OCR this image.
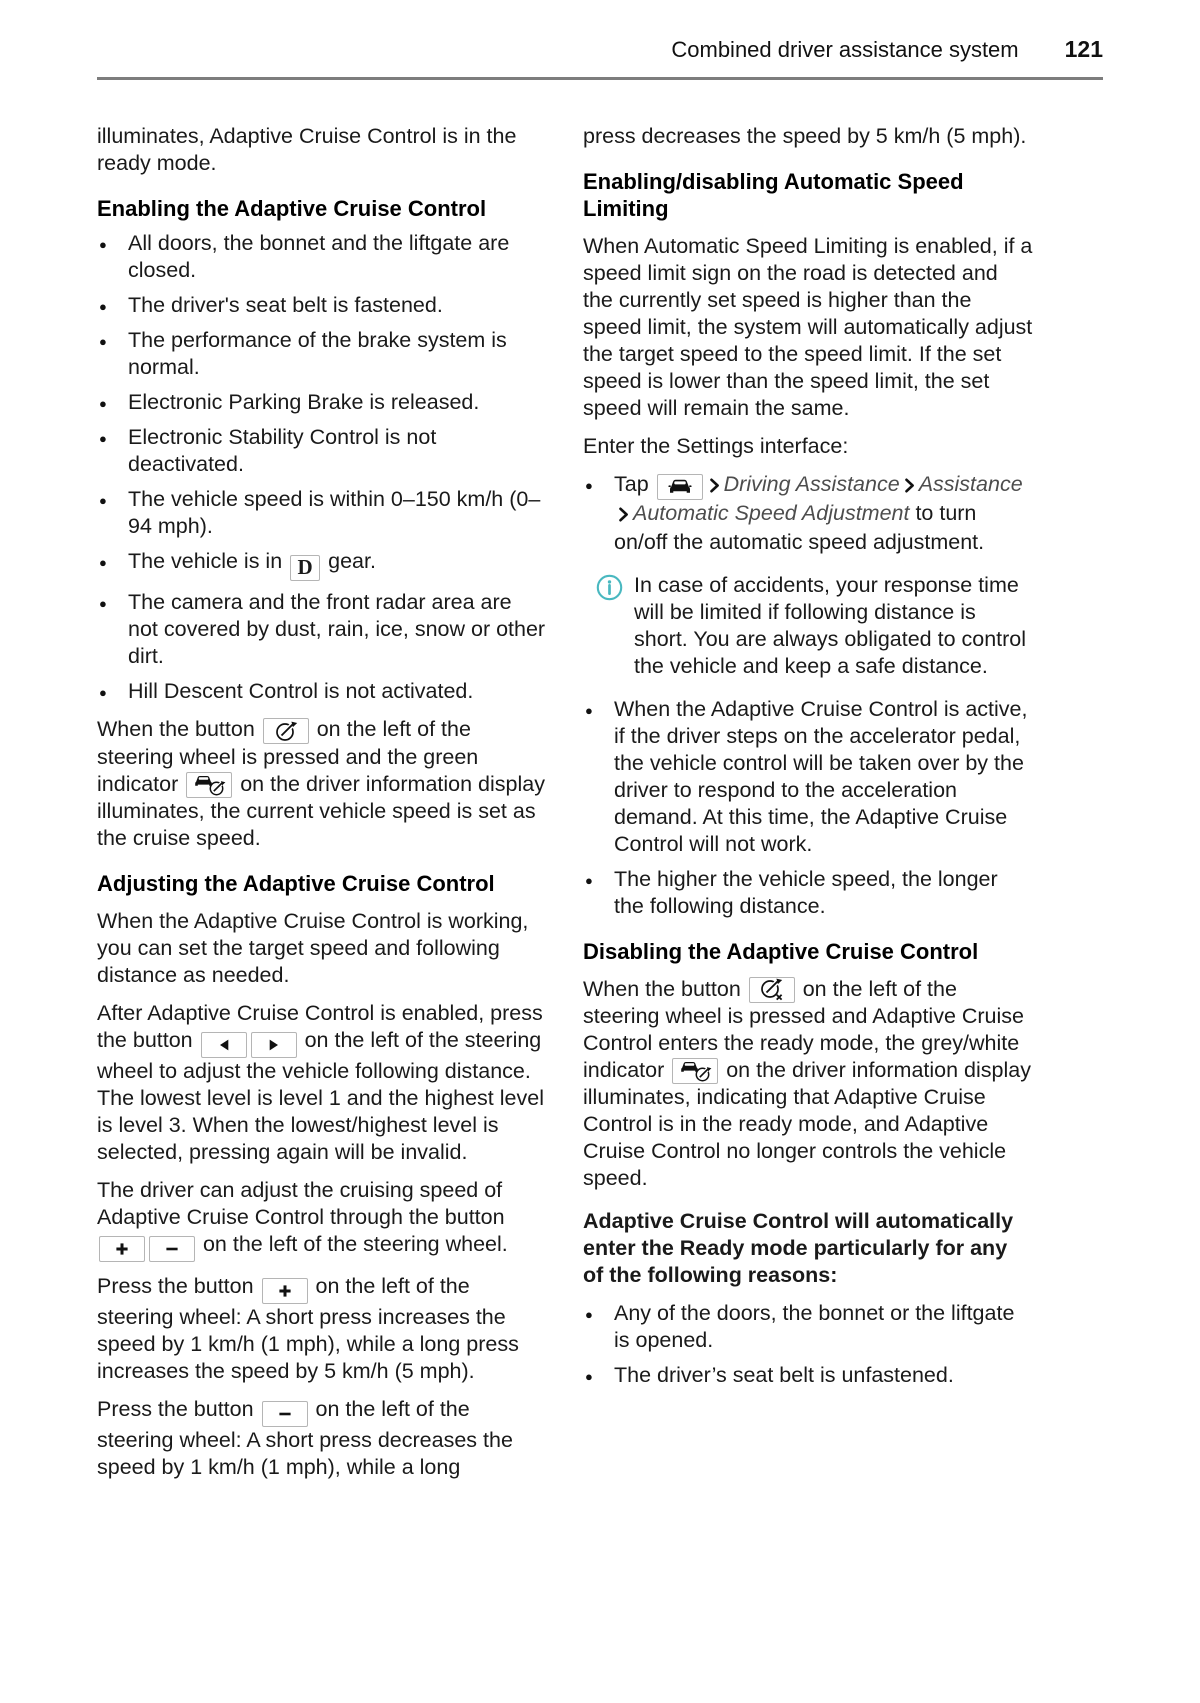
Combined driver assistance system 121

illuminates, Adaptive Cruise Control is in the ready mode.

Enabling the Adaptive Cruise Control
● All doors, the bonnet and the liftgate are closed.
● The driver's seat belt is fastened.
● The performance of the brake system is normal.
● Electronic Parking Brake is released.
● Electronic Stability Control is not deactivated.
● The vehicle speed is within 0–150 km/h (0–94 mph).
● The vehicle is in D gear.
● The camera and the front radar area are not covered by dust, rain, ice, snow or other dirt.
● Hill Descent Control is not activated.

When the button
on the left of the steering wheel is pressed and the green indicator
on the driver information display illuminates, the current vehicle speed is set as the cruise speed.

Adjusting the Adaptive Cruise Control

When the Adaptive Cruise Control is working, you can set the target speed and following distance as needed.

After Adaptive Cruise Control is enabled, press the button	on the left of the steering wheel to adjust the vehicle following distance. The lowest level is level 1 and the highest level is level 3. When the lowest/highest level is selected, pressing again will be invalid.

The driver can adjust the cruising speed of Adaptive Cruise Control through the button
on the left of the steering wheel.

Press the button
on the left of the steering wheel: A short press increases the speed by 1 km/h (1 mph), while a long press increases the speed by 5 km/h (5 mph).

Press the button
on the left of the steering wheel: A short press decreases the speed by 1 km/h (1 mph), while a long

press decreases the speed by 5 km/h (5 mph).

Enabling/disabling Automatic Speed Limiting

When Automatic Speed Limiting is enabled, if a speed limit sign on the road is detected and the currently set speed is higher than the speed limit, the system will automatically adjust the target speed to the speed limit. If the set speed is lower than the speed limit, the set speed will remain the same.

Enter the Settings interface:

● Tap	Driving Assistance AssistanceAutomatic Speed Adjustment to turn on/off the automatic speed adjustment.
In case of accidents, your response time will be limited if following distance is short. You are always obligated to control the vehicle and keep a safe distance.
● When the Adaptive Cruise Control is active, if the driver steps on the accelerator pedal, the vehicle control will be taken over by the driver to respond to the acceleration demand. At this time, the Adaptive Cruise Control will not work.
● The higher the vehicle speed, the longer the following distance.
Disabling the Adaptive Cruise Control

When the button
on the left of the steering wheel is pressed and Adaptive Cruise Control enters the ready mode, the grey/white indicator
on the driver information display illuminates, indicating that Adaptive Cruise Control is in the ready mode, and Adaptive Cruise Control no longer controls the vehicle speed.

Adaptive Cruise Control will automatically enter the Ready mode particularly for any of the following reasons:

● Any of the doors, the bonnet or the liftgate is opened.
● The driver’s seat belt is unfastened.
